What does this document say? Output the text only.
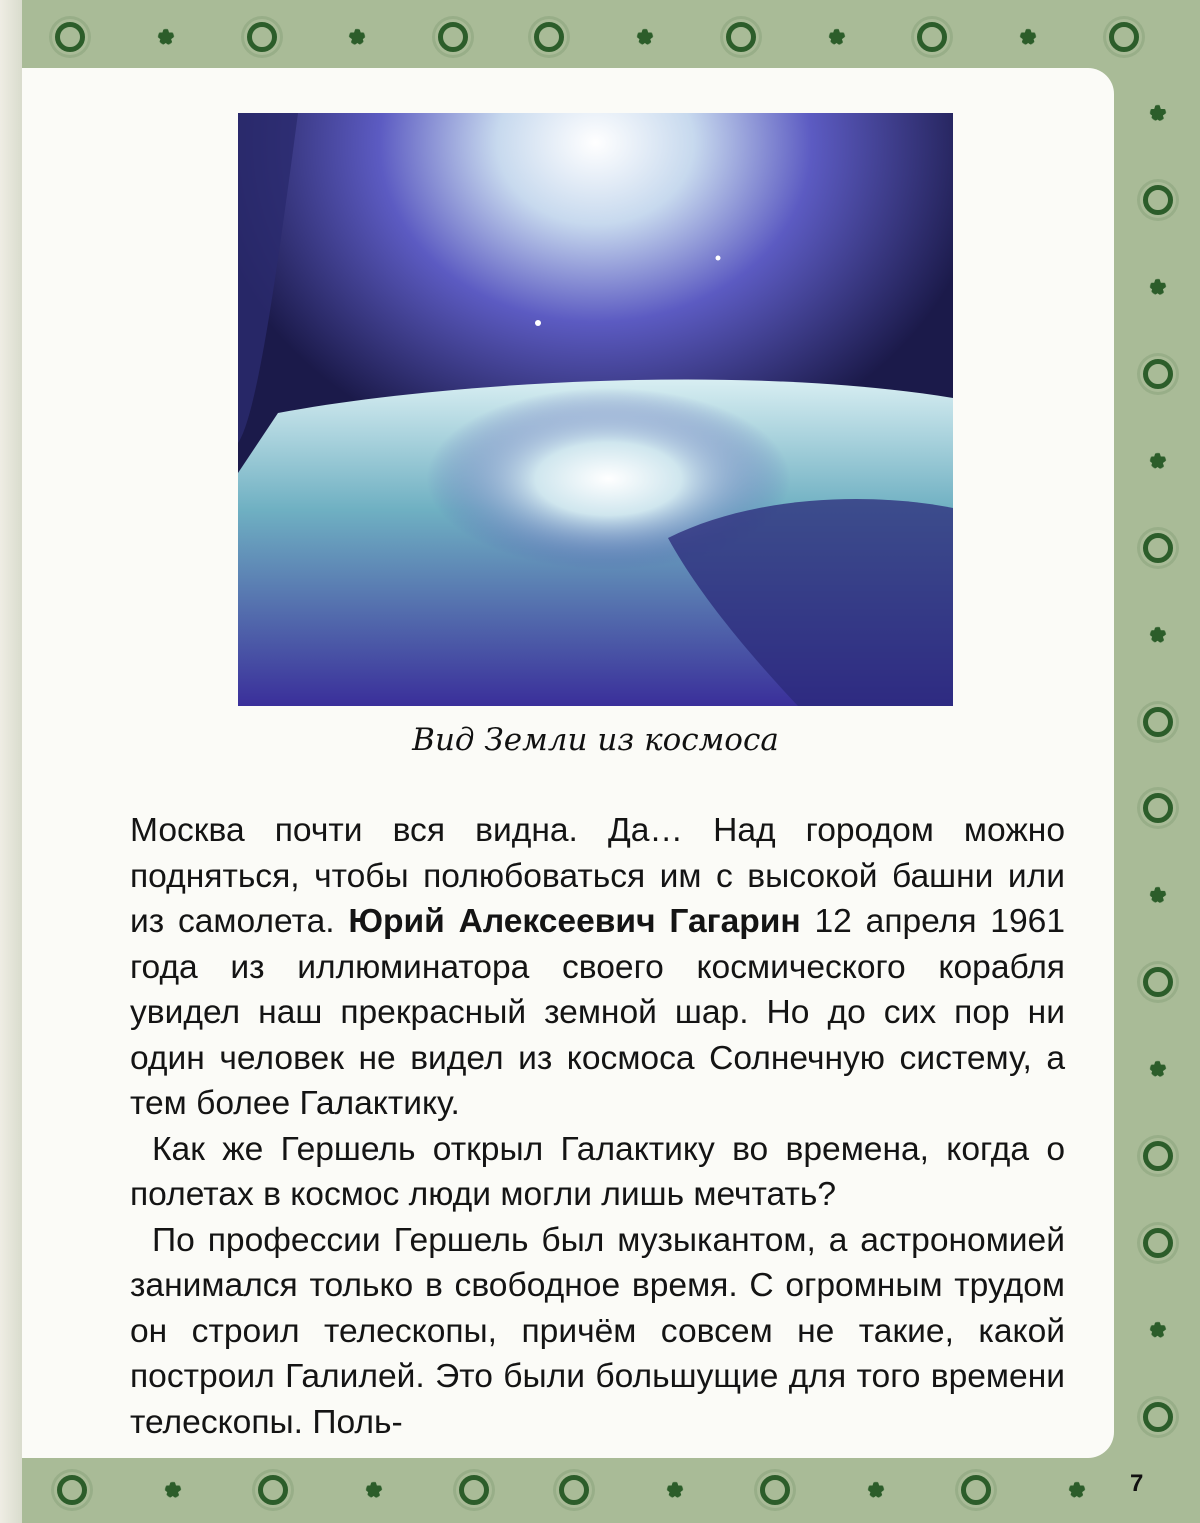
Вид Земли из космоса

Москва почти вся видна. Да… Над городом можно подняться, чтобы полюбоваться им с высокой башни или из самолета. Юрий Алексеевич Гагарин 12 апреля 1961 года из иллюминатора своего космического корабля увидел наш прекрасный земной шар. Но до сих пор ни один человек не видел из космоса Солнечную систему, а тем более Галактику.

Как же Гершель открыл Галактику во времена, когда о полетах в космос люди могли лишь мечтать?

По профессии Гершель был музыкантом, а астрономией занимался только в свободное время. С огромным трудом он строил телескопы, причём совсем не такие, какой построил Галилей. Это были большущие для того времени телескопы. Поль-

7
